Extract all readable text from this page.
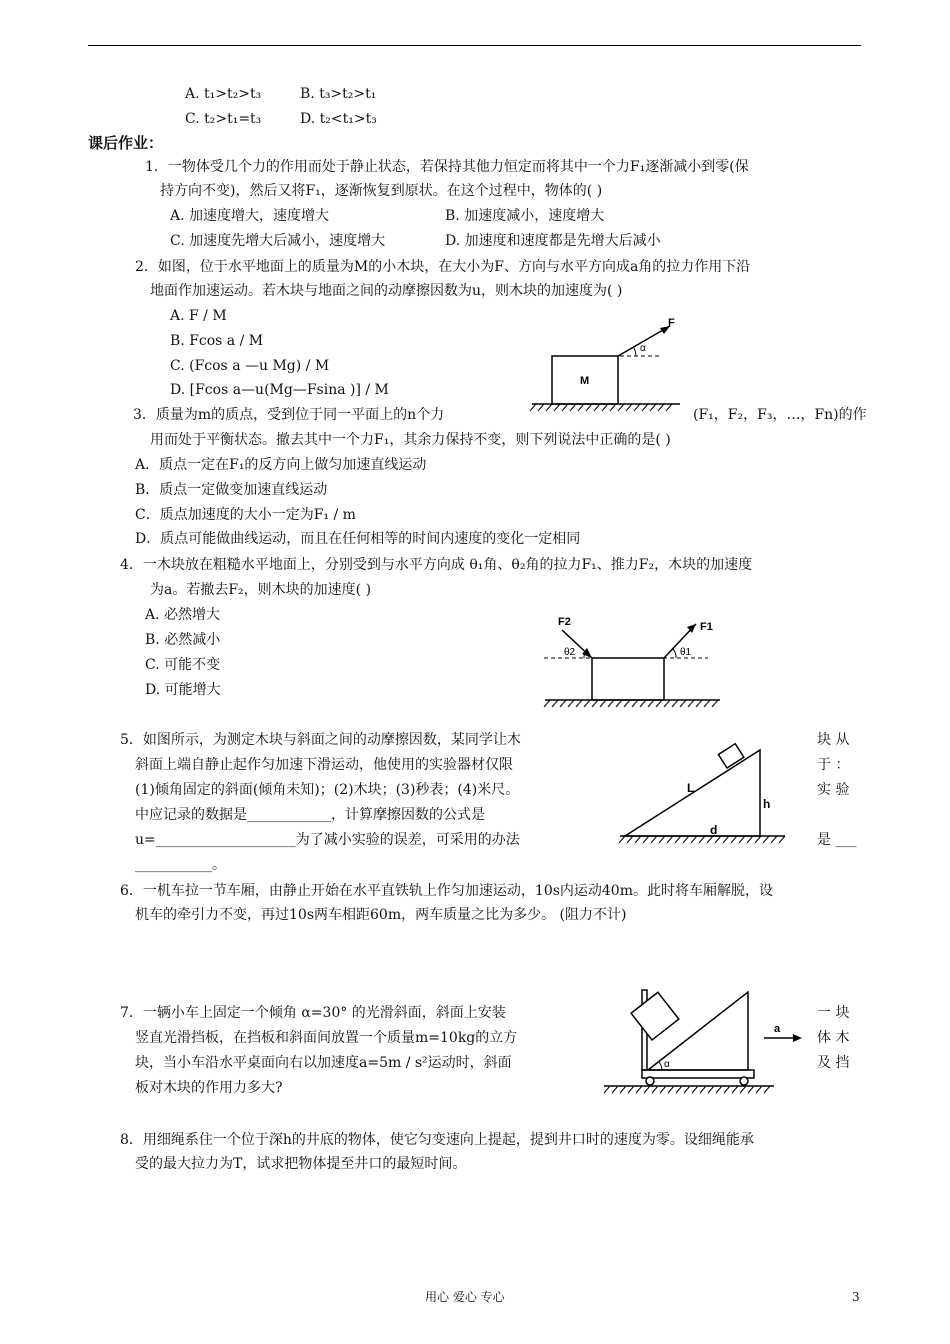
A. t₁>t₂>t₃	B. t₃>t₂>t₁
C. t₂>t₁=t₃	D. t₂<t₁>t₃
课后作业：
1．一物体受几个力的作用而处于静止状态，若保持其他力恒定而将其中一个力F₁逐渐减小到零(保
持方向不变)，然后又将F₁，逐渐恢复到原状。在这个过程中，物体的( )
A. 加速度增大，速度增大	B. 加速度减小，速度增大
C. 加速度先增大后减小，速度增大	D. 加速度和速度都是先增大后减小
2．如图，位于水平地面上的质量为M的小木块，在大小为F、方向与水平方向成a角的拉力作用下沿
地面作加速运动。若木块与地面之间的动摩擦因数为u，则木块的加速度为( )
A. F / M
B. Fcos a / M
C. (Fcos a —u Mg) / M
D. [Fcos a—u(Mg—Fsina )] / M
F
α
M
3．质量为m的质点，受到位于同一平面上的n个力	(F₁，F₂，F₃，…，Fn)的作
用而处于平衡状态。撤去其中一个力F₁，其余力保持不变，则下列说法中正确的是( )
A．质点一定在F₁的反方向上做匀加速直线运动
B．质点一定做变加速直线运动
C．质点加速度的大小一定为F₁ / m
D．质点可能做曲线运动，而且在任何相等的时间内速度的变化一定相同
4．一木块放在粗糙水平地面上，分别受到与水平方向成 θ₁角、θ₂角的拉力F₁、推力F₂，木块的加速度
为a。若撤去F₂，则木块的加速度( )
A. 必然增大
B. 必然减小
C. 可能不变
D. 可能增大
F2	F1
θ2	θ1
5．如图所示，为测定木块与斜面之间的动摩擦因数，某同学让木	块 从
斜面上端自静止起作匀加速下滑运动，他使用的实验器材仅限	于 ：
(1)倾角固定的斜面(倾角未知)；(2)木块；(3)秒表；(4)米尺。	实 验
中应记录的数据是____________，计算摩擦因数的公式是
u=____________________为了减小实验的误差，可采用的办法	是 ___
___________。
L
h
d
6．一机车拉一节车厢，由静止开始在水平直铁轨上作匀加速运动，10s内运动40m。此时将车厢解脱，设
机车的牵引力不变，再过10s两车相距60m，两车质量之比为多少。 (阻力不计)
7．一辆小车上固定一个倾角 α=30° 的光滑斜面，斜面上安装	一 块
竖直光滑挡板，在挡板和斜面间放置一个质量m=10kg的立方	体 木
块，当小车沿水平桌面向右以加速度a=5m / s²运动时，斜面	及 挡
板对木块的作用力多大?
α
a
8．用细绳系住一个位于深h的井底的物体，使它匀变速向上提起，提到井口时的速度为零。设细绳能承
受的最大拉力为T，试求把物体提至井口的最短时间。
用心 爱心 专心	3
